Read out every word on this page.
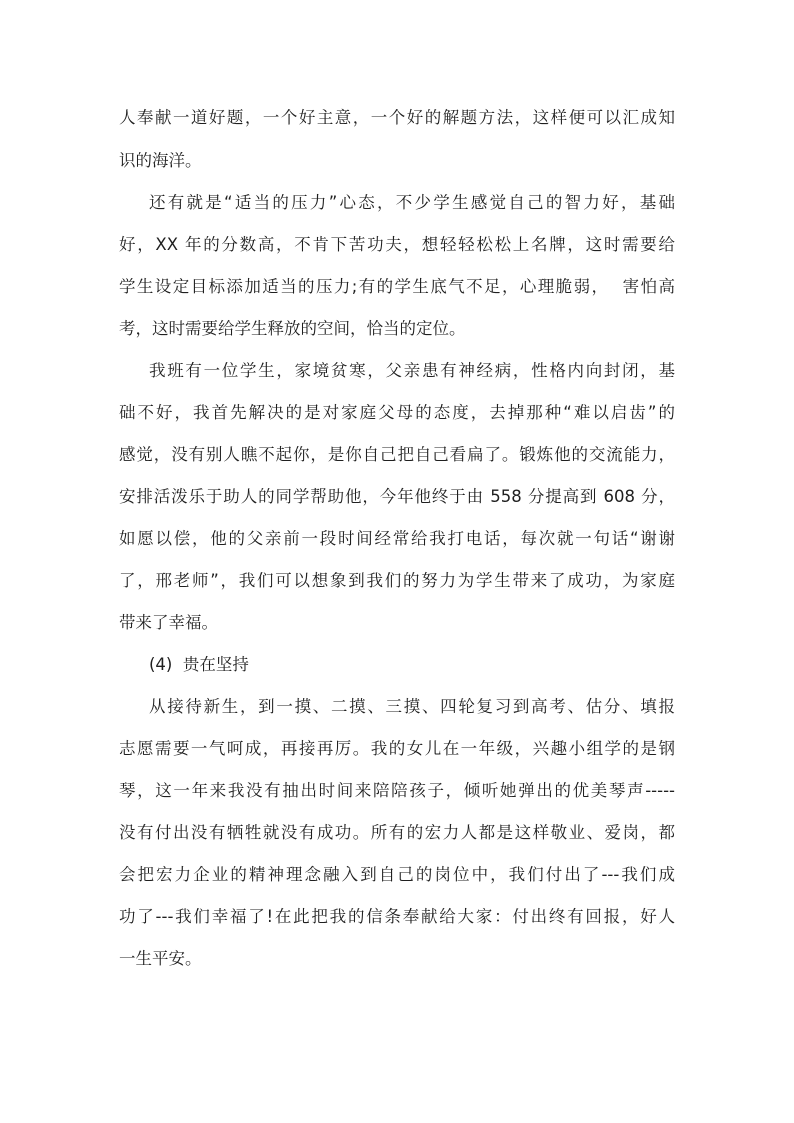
人奉献一道好题，一个好主意，一个好的解题方法，这样便可以汇成知
识的海洋。
还有就是“适当的压力”心态，不少学生感觉自己的智力好，基础
好，XX 年的分数高，不肯下苦功夫，想轻轻松松上名牌，这时需要给
学生设定目标添加适当的压力;有的学生底气不足，心理脆弱，  害怕高
考，这时需要给学生释放的空间，恰当的定位。
我班有一位学生，家境贫寒，父亲患有神经病，性格内向封闭，基
础不好，我首先解决的是对家庭父母的态度，去掉那种“难以启齿”的
感觉，没有别人瞧不起你，是你自己把自己看扁了。锻炼他的交流能力，
安排活泼乐于助人的同学帮助他，今年他终于由 558 分提高到 608 分，
如愿以偿，他的父亲前一段时间经常给我打电话，每次就一句话“谢谢
了，邢老师”，我们可以想象到我们的努力为学生带来了成功，为家庭
带来了幸福。
(4)  贵在坚持
从接待新生，到一摸、二摸、三摸、四轮复习到高考、估分、填报
志愿需要一气呵成，再接再厉。我的女儿在一年级，兴趣小组学的是钢
琴，这一年来我没有抽出时间来陪陪孩子，倾听她弹出的优美琴声-----
没有付出没有牺牲就没有成功。所有的宏力人都是这样敬业、爱岗，都
会把宏力企业的精神理念融入到自己的岗位中，我们付出了---我们成
功了---我们幸福了!在此把我的信条奉献给大家：付出终有回报，好人
一生平安。
